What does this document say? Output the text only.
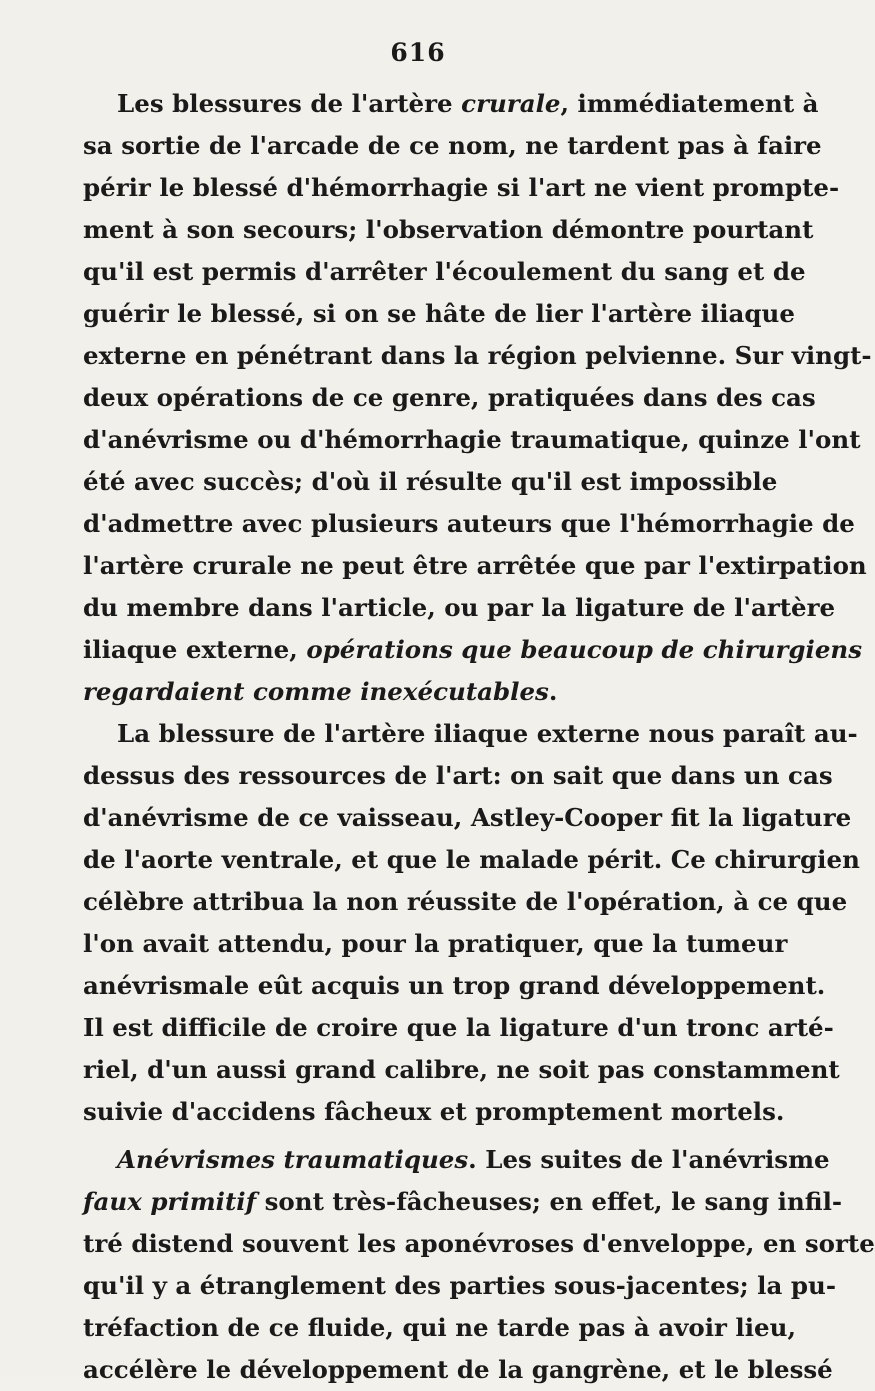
616
Les blessures de l'artère crurale, immédiatement à
sa sortie de l'arcade de ce nom, ne tardent pas à faire
périr le blessé d'hémorrhagie si l'art ne vient prompte-
ment à son secours; l'observation démontre pourtant
qu'il est permis d'arrêter l'écoulement du sang et de
guérir le blessé, si on se hâte de lier l'artère iliaque
externe en pénétrant dans la région pelvienne. Sur vingt-
deux opérations de ce genre, pratiquées dans des cas
d'anévrisme ou d'hémorrhagie traumatique, quinze l'ont
été avec succès; d'où il résulte qu'il est impossible
d'admettre avec plusieurs auteurs que l'hémorrhagie de
l'artère crurale ne peut être arrêtée que par l'extirpation
du membre dans l'article, ou par la ligature de l'artère
iliaque externe, opérations que beaucoup de chirurgiens
regardaient comme inexécutables.
La blessure de l'artère iliaque externe nous paraît au-
dessus des ressources de l'art: on sait que dans un cas
d'anévrisme de ce vaisseau, Astley-Cooper fit la ligature
de l'aorte ventrale, et que le malade périt. Ce chirurgien
célèbre attribua la non réussite de l'opération, à ce que
l'on avait attendu, pour la pratiquer, que la tumeur
anévrismale eût acquis un trop grand développement.
Il est difficile de croire que la ligature d'un tronc arté-
riel, d'un aussi grand calibre, ne soit pas constamment
suivie d'accidens fâcheux et promptement mortels.
Anévrismes traumatiques. Les suites de l'anévrisme
faux primitif sont très-fâcheuses; en effet, le sang infil-
tré distend souvent les aponévroses d'enveloppe, en sorte
qu'il y a étranglement des parties sous-jacentes; la pu-
tréfaction de ce fluide, qui ne tarde pas à avoir lieu,
accélère le développement de la gangrène, et le blessé
